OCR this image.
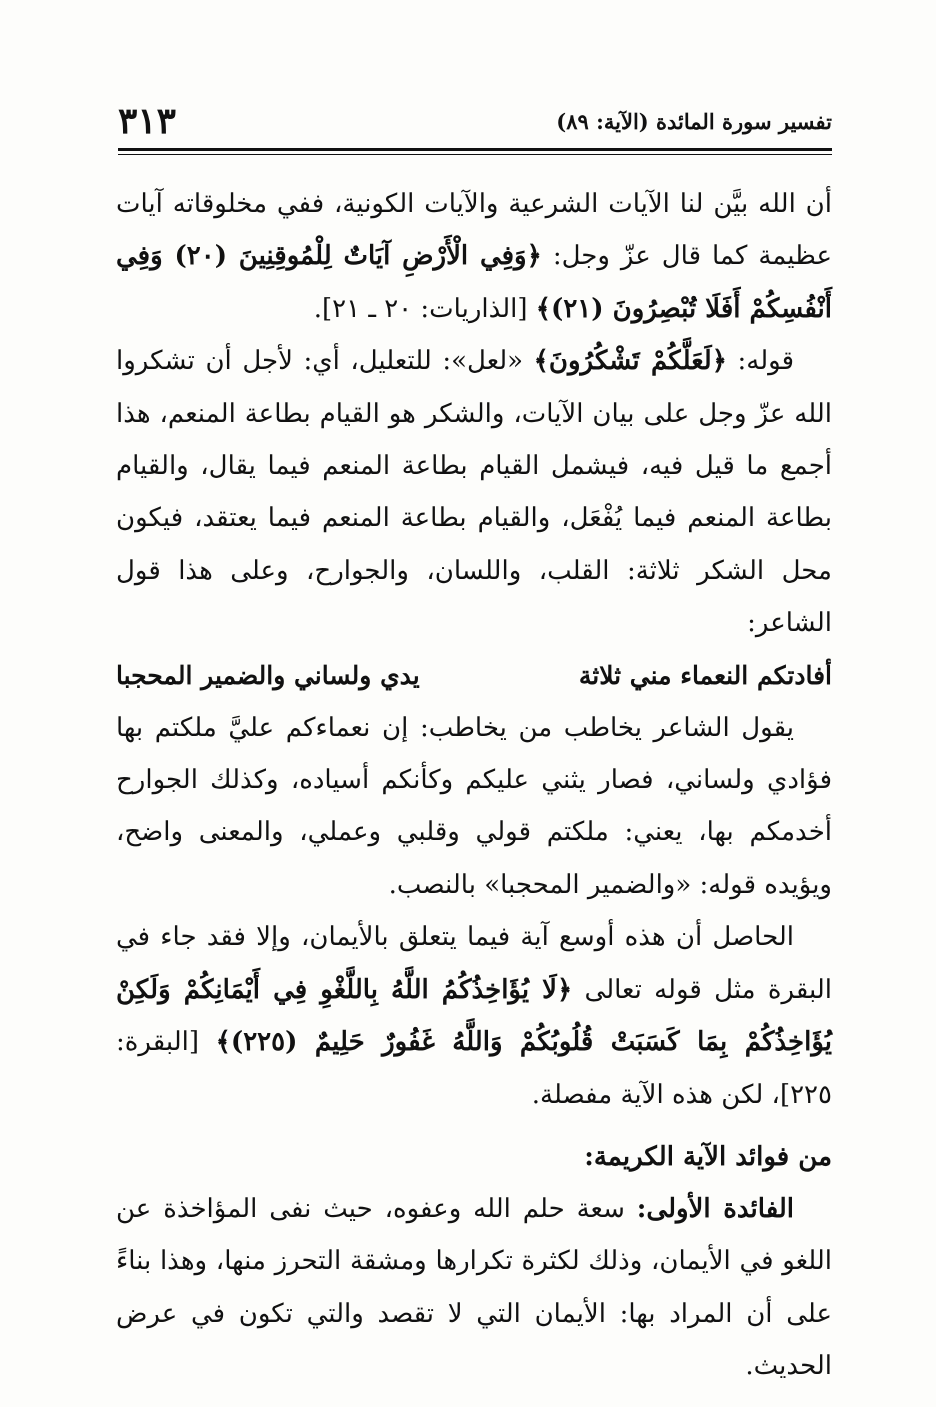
٣١٣	تفسير سورة المائدة (الآية: ٨٩)

أن الله بيَّن لنا الآيات الشرعية والآيات الكونية، ففي مخلوقاته آيات عظيمة كما قال عزّ وجل: ﴿وَفِي الْأَرْضِ آيَاتٌ لِلْمُوقِنِينَ (٢٠) وَفِي أَنْفُسِكُمْ أَفَلَا تُبْصِرُونَ (٢١)﴾ [الذاريات: ٢٠ ـ ٢١].

قوله: ﴿لَعَلَّكُمْ تَشْكُرُونَ﴾ «لعل»: للتعليل، أي: لأجل أن تشكروا الله عزّ وجل على بيان الآيات، والشكر هو القيام بطاعة المنعم، هذا أجمع ما قيل فيه، فيشمل القيام بطاعة المنعم فيما يقال، والقيام بطاعة المنعم فيما يُفْعَل، والقيام بطاعة المنعم فيما يعتقد، فيكون محل الشكر ثلاثة: القلب، واللسان، والجوارح، وعلى هذا قول الشاعر:

أفادتكم النعماء مني ثلاثة
يدي ولساني والضمير المحجبا

يقول الشاعر يخاطب من يخاطب: إن نعماءكم عليَّ ملكتم بها فؤادي ولساني، فصار يثني عليكم وكأنكم أسياده، وكذلك الجوارح أخدمكم بها، يعني: ملكتم قولي وقلبي وعملي، والمعنى واضح، ويؤيده قوله: «والضمير المحجبا» بالنصب.

الحاصل أن هذه أوسع آية فيما يتعلق بالأيمان، وإلا فقد جاء في البقرة مثل قوله تعالى ﴿لَا يُؤَاخِذُكُمُ اللَّهُ بِاللَّغْوِ فِي أَيْمَانِكُمْ وَلَكِنْ يُؤَاخِذُكُمْ بِمَا كَسَبَتْ قُلُوبُكُمْ وَاللَّهُ غَفُورٌ حَلِيمٌ (٢٢٥)﴾ [البقرة: ٢٢٥]، لكن هذه الآية مفصلة.

من فوائد الآية الكريمة:

الفائدة الأولى: سعة حلم الله وعفوه، حيث نفى المؤاخذة عن اللغو في الأيمان، وذلك لكثرة تكرارها ومشقة التحرز منها، وهذا بناءً على أن المراد بها: الأيمان التي لا تقصد والتي تكون في عرض الحديث.
